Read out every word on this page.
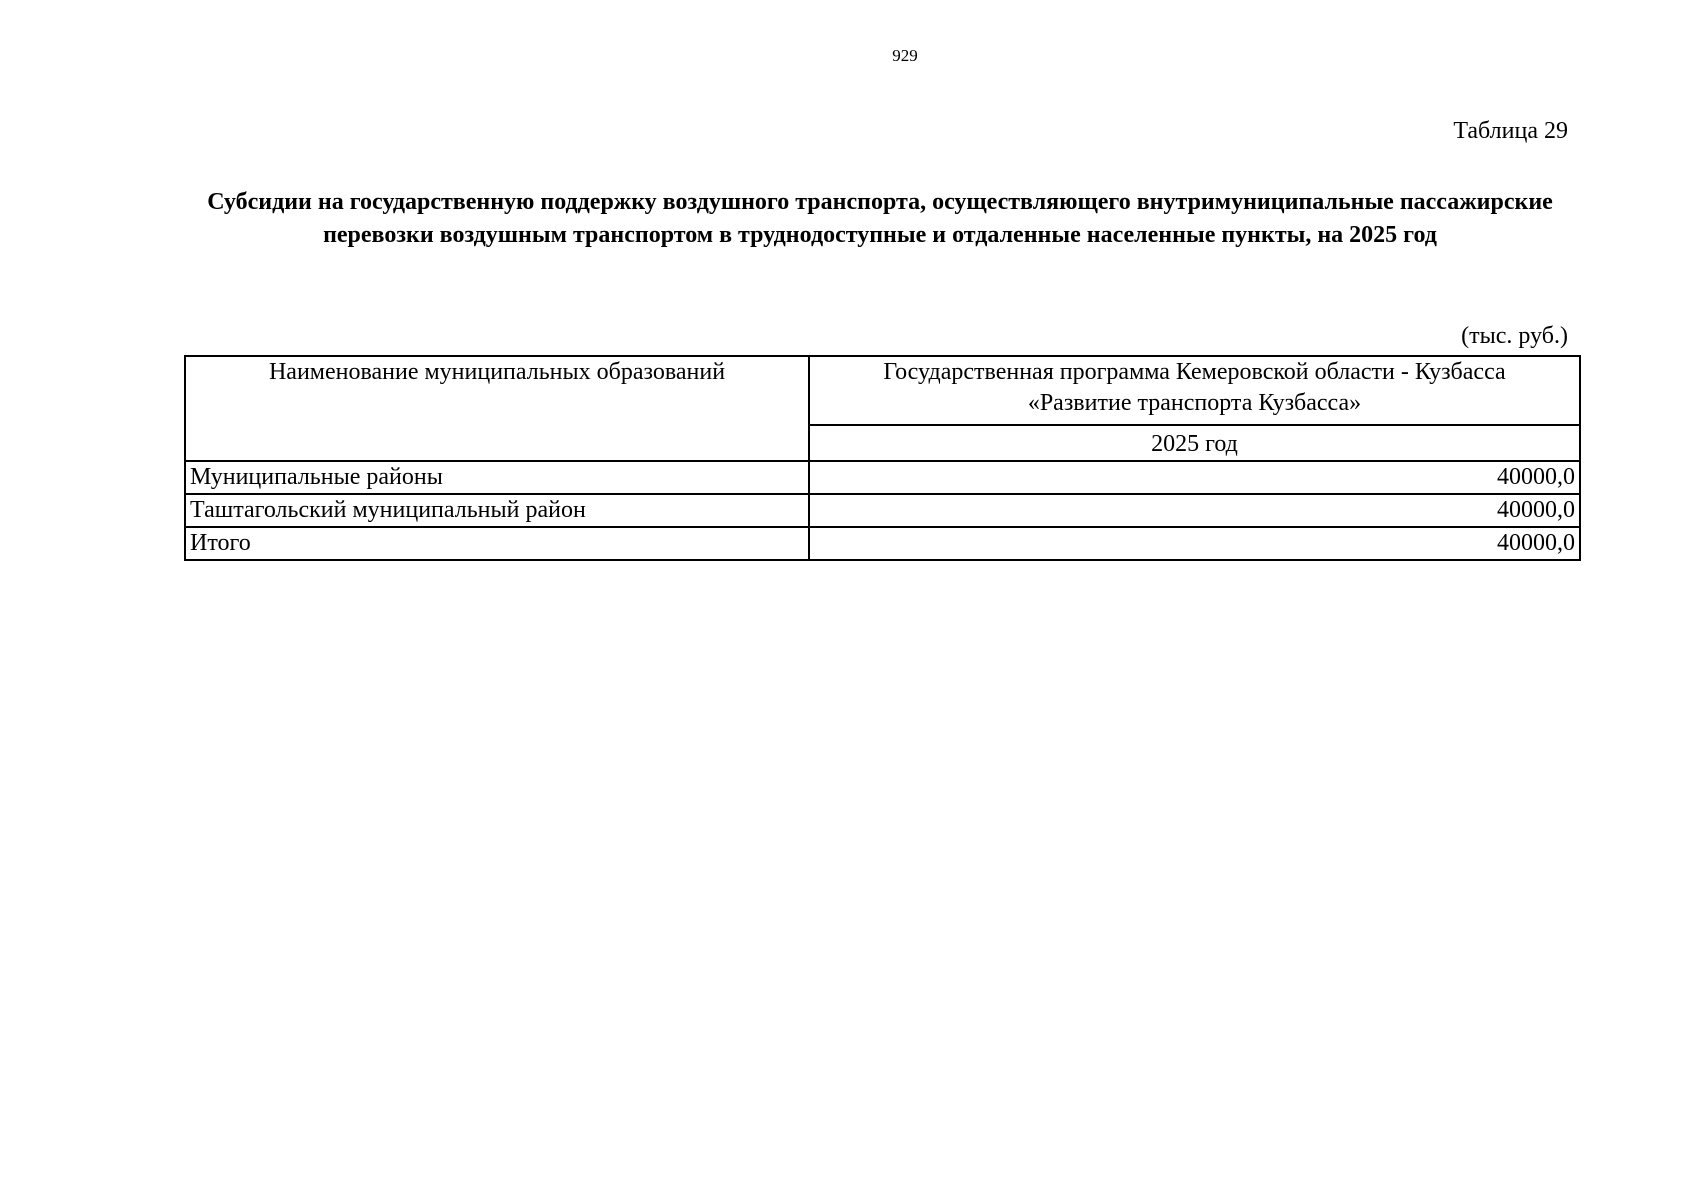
929
Таблица 29
Субсидии на государственную поддержку воздушного транспорта, осуществляющего внутримуниципальные пассажирские перевозки воздушным транспортом в труднодоступные и отдаленные населенные пункты, на 2025 год
(тыс. руб.)
Наименование муниципальных образований	Государственная программа Кемеровской области - Кузбасса «Развитие транспорта Кузбасса»
	2025 год
Муниципальные районы	40000,0
Таштагольский муниципальный район	40000,0
Итого	40000,0
